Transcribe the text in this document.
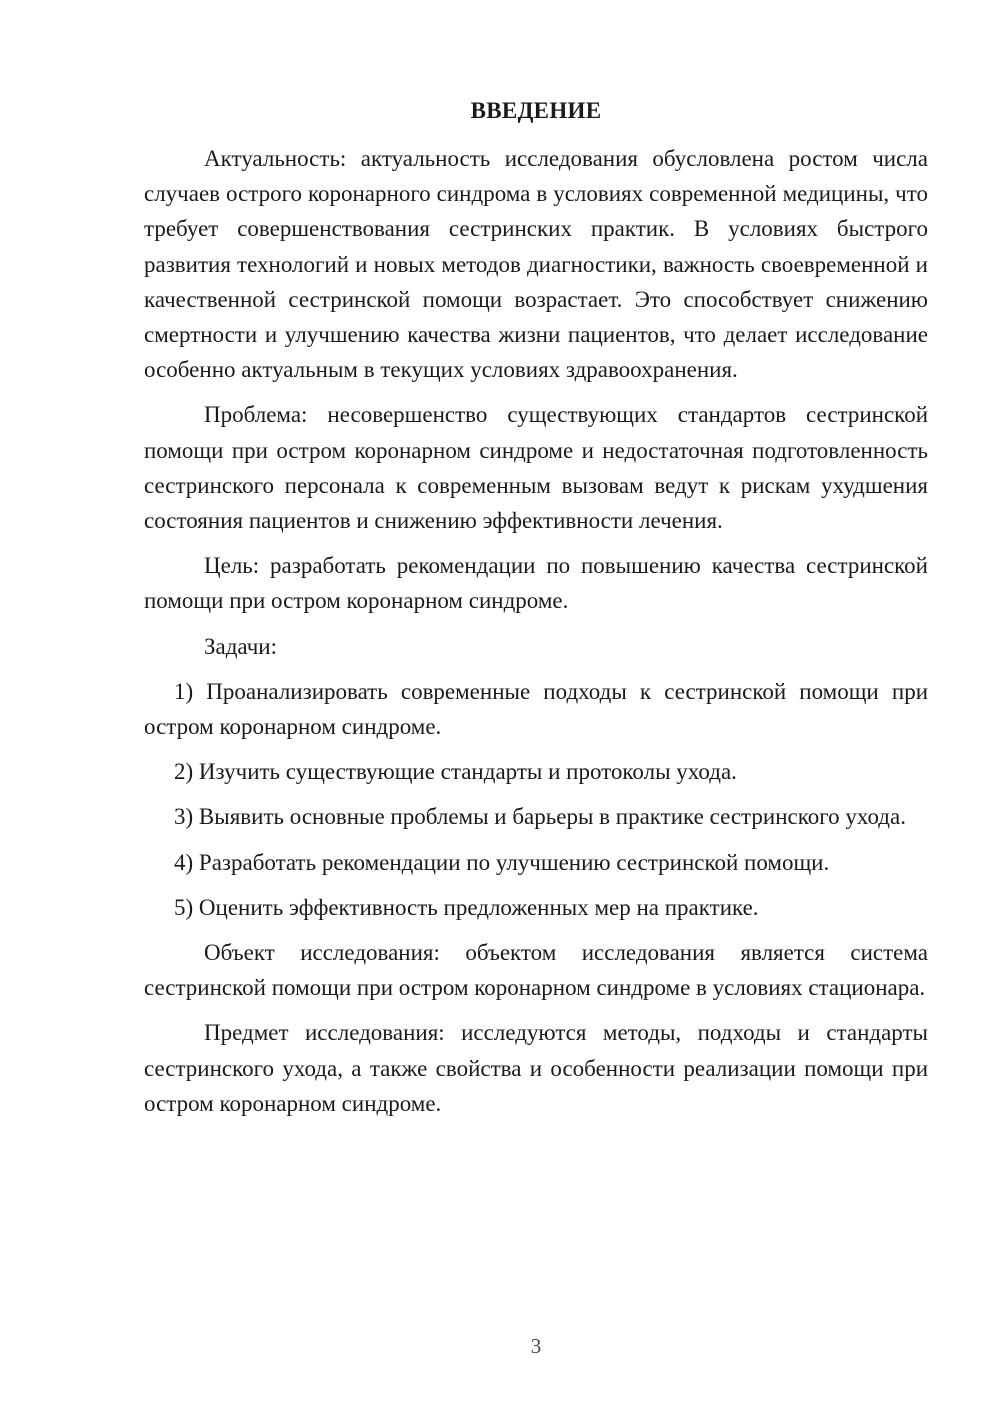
ВВЕДЕНИЕ

Актуальность: актуальность исследования обусловлена ростом числа случаев острого коронарного синдрома в условиях современной медицины, что требует совершенствования сестринских практик. В условиях быстрого развития технологий и новых методов диагностики, важность своевременной и качественной сестринской помощи возрастает. Это способствует снижению смертности и улучшению качества жизни пациентов, что делает исследование особенно актуальным в текущих условиях здравоохранения.

Проблема: несовершенство существующих стандартов сестринской помощи при остром коронарном синдроме и недостаточная подготовленность сестринского персонала к современным вызовам ведут к рискам ухудшения состояния пациентов и снижению эффективности лечения.

Цель: разработать рекомендации по повышению качества сестринской помощи при остром коронарном синдроме.

Задачи:

1) Проанализировать современные подходы к сестринской помощи при остром коронарном синдроме.

2) Изучить существующие стандарты и протоколы ухода.

3) Выявить основные проблемы и барьеры в практике сестринского ухода.

4) Разработать рекомендации по улучшению сестринской помощи.

5) Оценить эффективность предложенных мер на практике.

Объект исследования: объектом исследования является система сестринской помощи при остром коронарном синдроме в условиях стационара.

Предмет исследования: исследуются методы, подходы и стандарты сестринского ухода, а также свойства и особенности реализации помощи при остром коронарном синдроме.

3
